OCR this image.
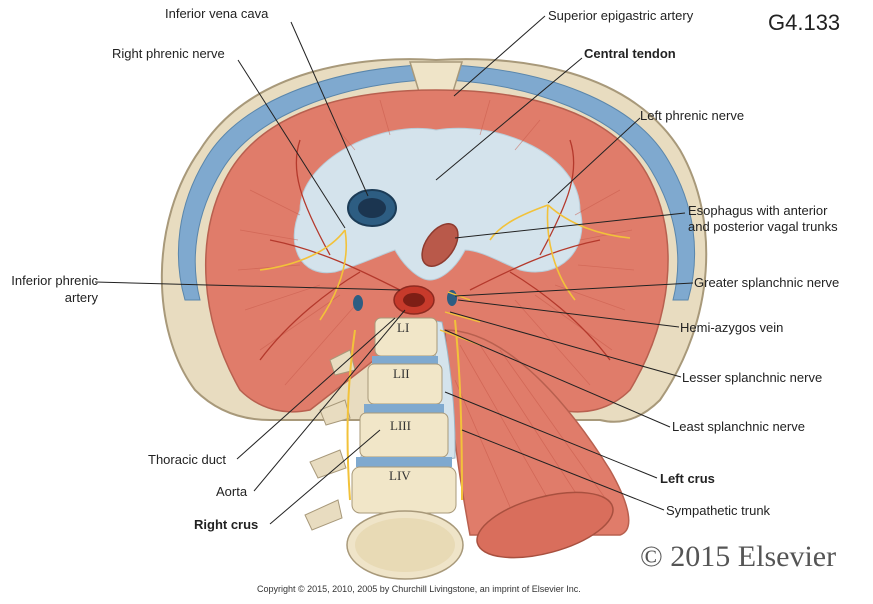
LI
LII
LIII
LIV
G4.133
Inferior vena cava	Superior epigastric artery
Right phrenic nerve	Central tendon
Left phrenic nerve
Esophagus with anterior
and posterior vagal trunks
Inferior phrenic
artery
Greater splanchnic nerve
Hemi-azygos vein
Lesser splanchnic nerve
Least splanchnic nerve
Thoracic duct
Left crus
Aorta
Sympathetic trunk
Right crus
© 2015 Elsevier
Copyright © 2015, 2010, 2005 by Churchill Livingstone, an imprint of Elsevier Inc.
